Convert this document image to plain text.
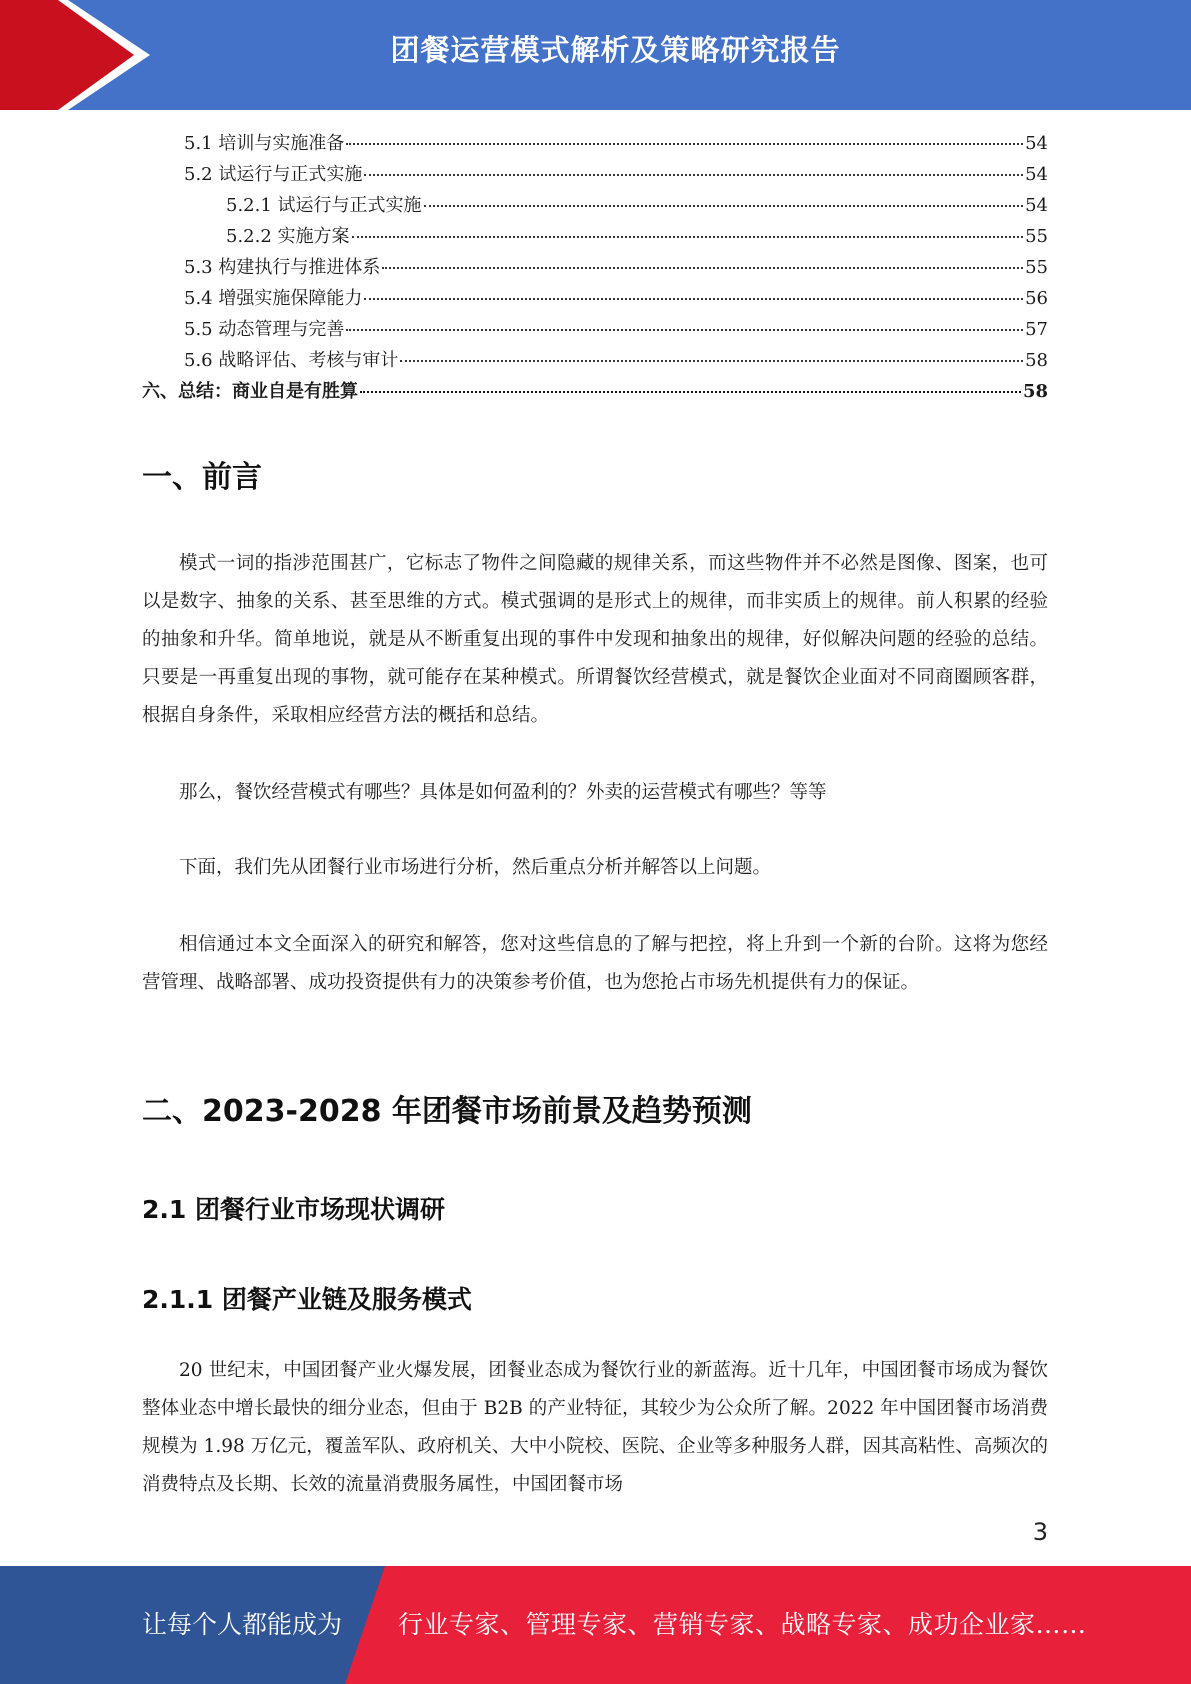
团餐运营模式解析及策略研究报告
5.1 培训与实施准备	54
5.2 试运行与正式实施	54
5.2.1 试运行与正式实施	54
5.2.2 实施方案	55
5.3 构建执行与推进体系	55
5.4 增强实施保障能力	56
5.5 动态管理与完善	57
5.6 战略评估、考核与审计	58
六、总结：商业自是有胜算	58
一、前言

模式一词的指涉范围甚广，它标志了物件之间隐藏的规律关系，而这些物件并不必然是图像、图案，也可以是数字、抽象的关系、甚至思维的方式。模式强调的是形式上的规律，而非实质上的规律。前人积累的经验的抽象和升华。简单地说，就是从不断重复出现的事件中发现和抽象出的规律，好似解决问题的经验的总结。只要是一再重复出现的事物，就可能存在某种模式。所谓餐饮经营模式，就是餐饮企业面对不同商圈顾客群，根据自身条件，采取相应经营方法的概括和总结。

那么，餐饮经营模式有哪些？具体是如何盈利的？外卖的运营模式有哪些？等等

下面，我们先从团餐行业市场进行分析，然后重点分析并解答以上问题。

相信通过本文全面深入的研究和解答，您对这些信息的了解与把控，将上升到一个新的台阶。这将为您经营管理、战略部署、成功投资提供有力的决策参考价值，也为您抢占市场先机提供有力的保证。

二、2023-2028 年团餐市场前景及趋势预测
2.1 团餐行业市场现状调研
2.1.1 团餐产业链及服务模式

20 世纪末，中国团餐产业火爆发展，团餐业态成为餐饮行业的新蓝海。近十几年，中国团餐市场成为餐饮整体业态中增长最快的细分业态，但由于 B2B 的产业特征，其较少为公众所了解。2022 年中国团餐市场消费规模为 1.98 万亿元，覆盖军队、政府机关、大中小院校、医院、企业等多种服务人群，因其高粘性、高频次的消费特点及长期、长效的流量消费服务属性，中国团餐市场

3
让每个人都能成为 行业专家、管理专家、营销专家、战略专家、成功企业家……
